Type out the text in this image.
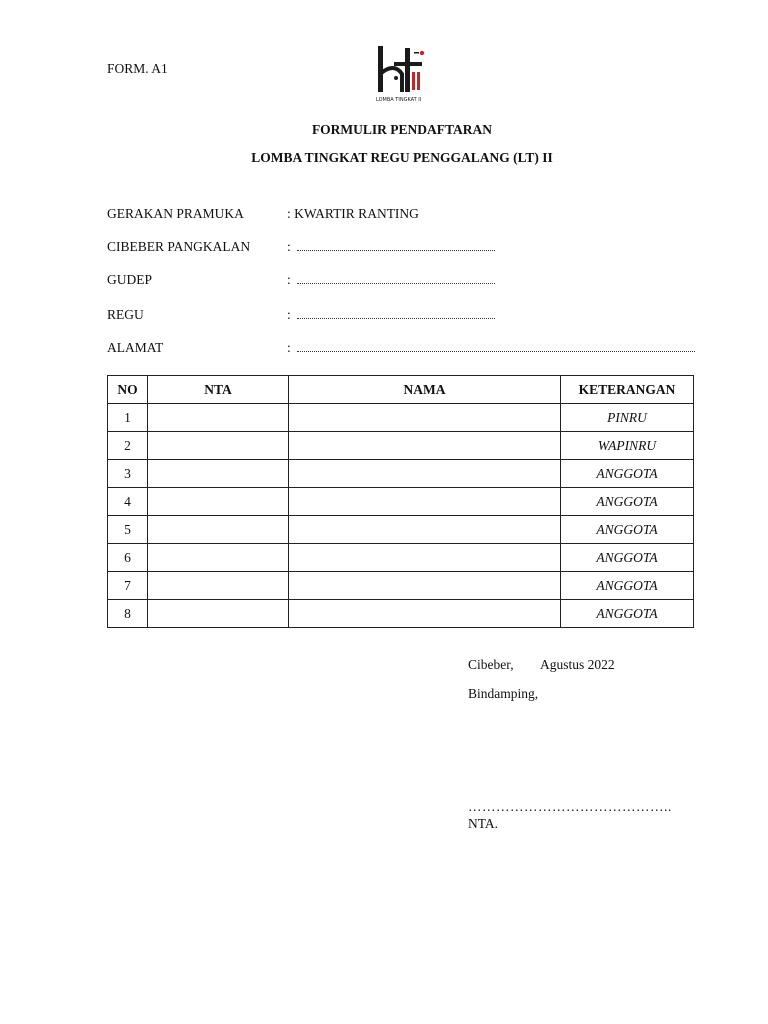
FORM. A1
LOMBA TINGKAT II
FORMULIR PENDAFTARAN
LOMBA TINGKAT REGU PENGGALANG (LT) II
GERAKAN PRAMUKA	: KWARTIR RANTING
CIBEBER PANGKALAN	:
GUDEP	:
REGU	:
ALAMAT	:
NO	NTA	NAMA	KETERANGAN
1			PINRU
2			WAPINRU
3			ANGGOTA
4			ANGGOTA
5			ANGGOTA
6			ANGGOTA
7			ANGGOTA
8			ANGGOTA
Cibeber, Agustus 2022
Bindamping,
……………………………………..
NTA.
